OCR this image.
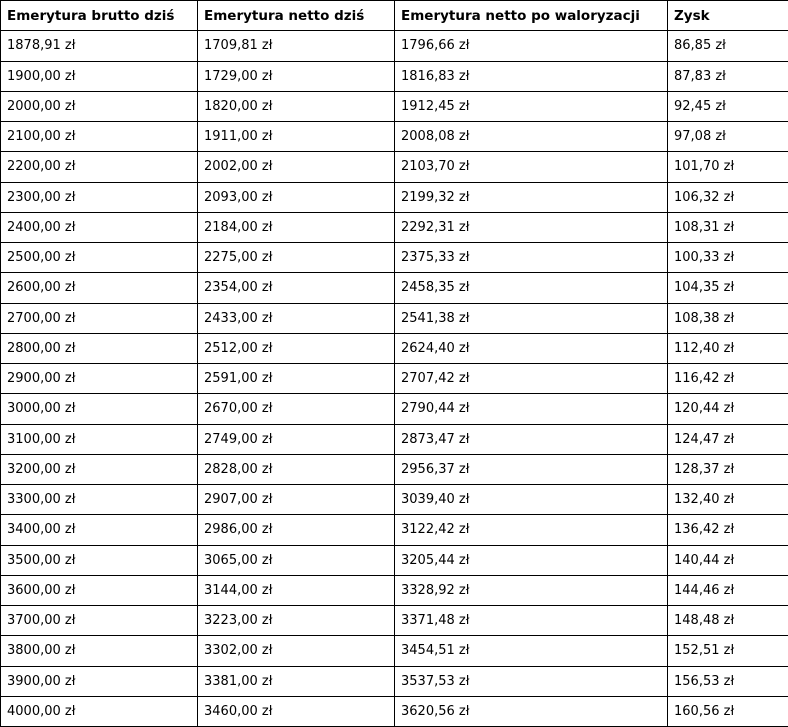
Emerytura brutto dziś	Emerytura netto dziś	Emerytura netto po waloryzacji	Zysk
1878,91 zł	1709,81 zł	1796,66 zł	86,85 zł
1900,00 zł	1729,00 zł	1816,83 zł	87,83 zł
2000,00 zł	1820,00 zł	1912,45 zł	92,45 zł
2100,00 zł	1911,00 zł	2008,08 zł	97,08 zł
2200,00 zł	2002,00 zł	2103,70 zł	101,70 zł
2300,00 zł	2093,00 zł	2199,32 zł	106,32 zł
2400,00 zł	2184,00 zł	2292,31 zł	108,31 zł
2500,00 zł	2275,00 zł	2375,33 zł	100,33 zł
2600,00 zł	2354,00 zł	2458,35 zł	104,35 zł
2700,00 zł	2433,00 zł	2541,38 zł	108,38 zł
2800,00 zł	2512,00 zł	2624,40 zł	112,40 zł
2900,00 zł	2591,00 zł	2707,42 zł	116,42 zł
3000,00 zł	2670,00 zł	2790,44 zł	120,44 zł
3100,00 zł	2749,00 zł	2873,47 zł	124,47 zł
3200,00 zł	2828,00 zł	2956,37 zł	128,37 zł
3300,00 zł	2907,00 zł	3039,40 zł	132,40 zł
3400,00 zł	2986,00 zł	3122,42 zł	136,42 zł
3500,00 zł	3065,00 zł	3205,44 zł	140,44 zł
3600,00 zł	3144,00 zł	3328,92 zł	144,46 zł
3700,00 zł	3223,00 zł	3371,48 zł	148,48 zł
3800,00 zł	3302,00 zł	3454,51 zł	152,51 zł
3900,00 zł	3381,00 zł	3537,53 zł	156,53 zł
4000,00 zł	3460,00 zł	3620,56 zł	160,56 zł
